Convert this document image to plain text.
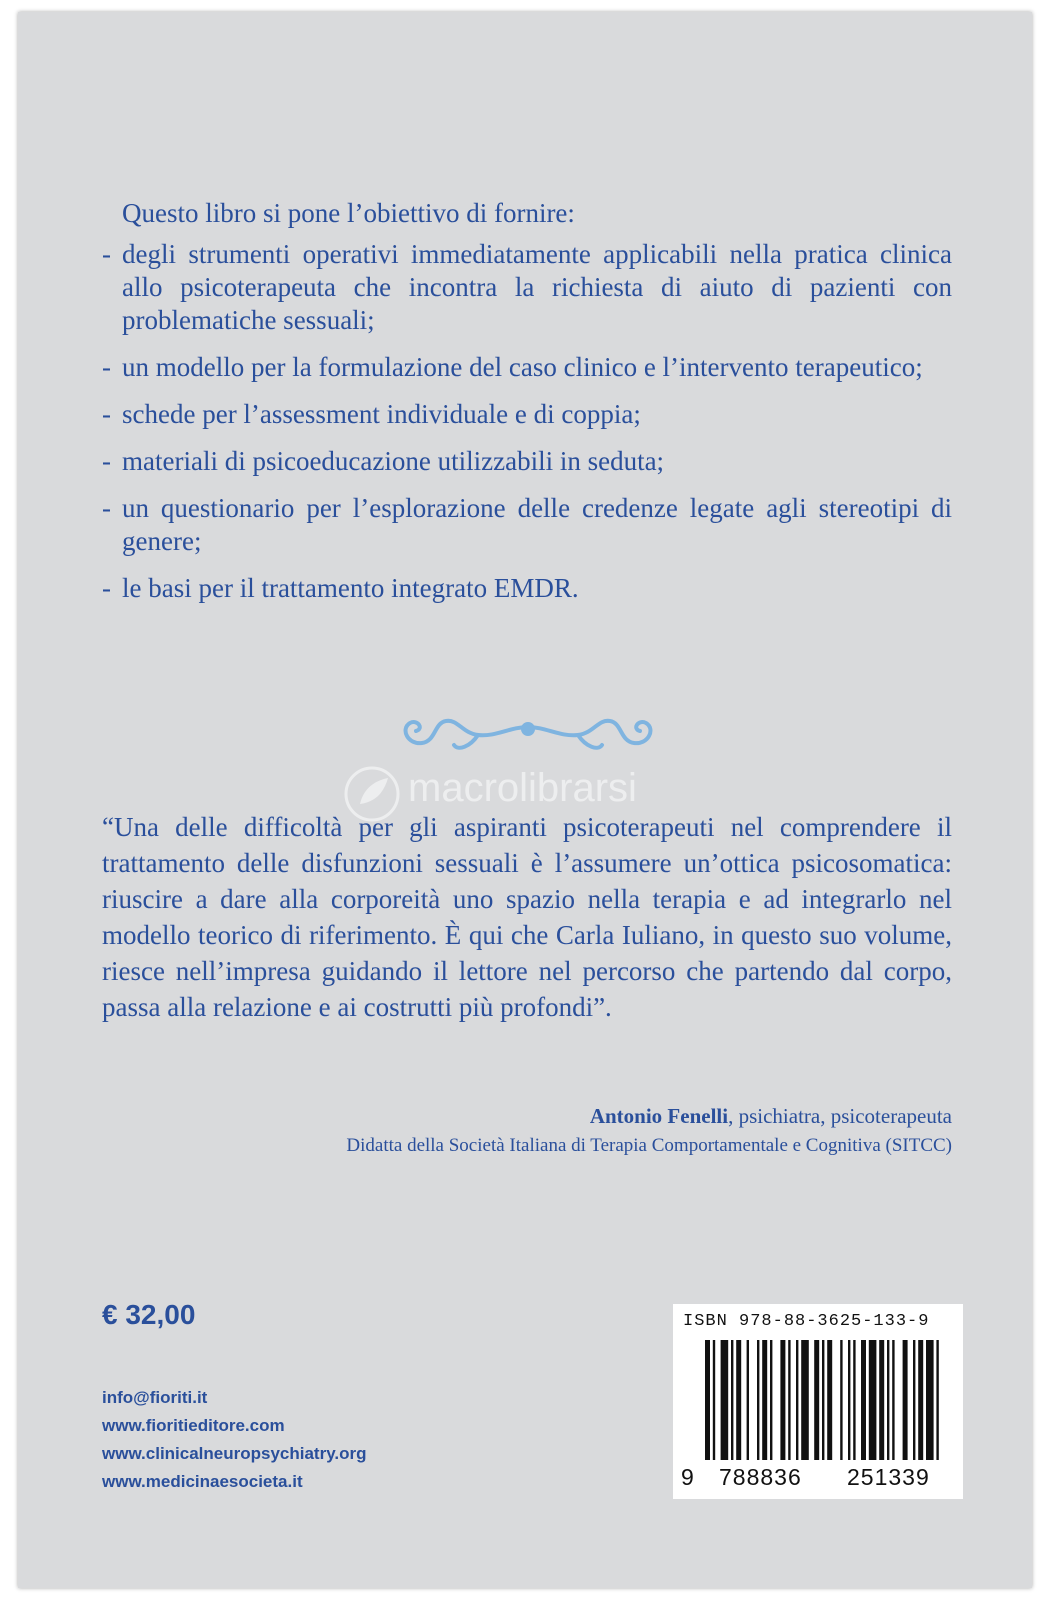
Questo libro si pone l’obiettivo di fornire:

- degli strumenti operativi immediatamente applicabili nella pratica clinica allo psicoterapeuta che incontra la richiesta di aiuto di pazienti con problematiche sessuali;
- un modello per la formulazione del caso clinico e l’intervento terapeutico;
- schede per l’assessment individuale e di coppia;
- materiali di psicoeducazione utilizzabili in seduta;
- un questionario per l’esplorazione delle credenze legate agli stereotipi di genere;
- le basi per il trattamento integrato EMDR.
macrolibrarsi

“Una delle difficoltà per gli aspiranti psicoterapeuti nel comprendere il trattamento delle disfunzioni sessuali è l’assumere un’ottica psicosomatica: riuscire a dare alla corporeità uno spazio nella terapia e ad integrarlo nel modello teorico di riferimento. È qui che Carla Iuliano, in questo suo volume, riesce nell’impresa guidando il lettore nel percorso che partendo dal corpo, passa alla relazione e ai costrutti più profondi”.

Antonio Fenelli, psichiatra, psicoterapeuta
Didatta della Società Italiana di Terapia Comportamentale e Cognitiva (SITCC)
€ 32,00
info@fioriti.it
www.fioritieditore.com
www.clinicalneuropsychiatry.org
www.medicinaesocieta.it
ISBN 978-88-3625-133-9
9 788836 251339
